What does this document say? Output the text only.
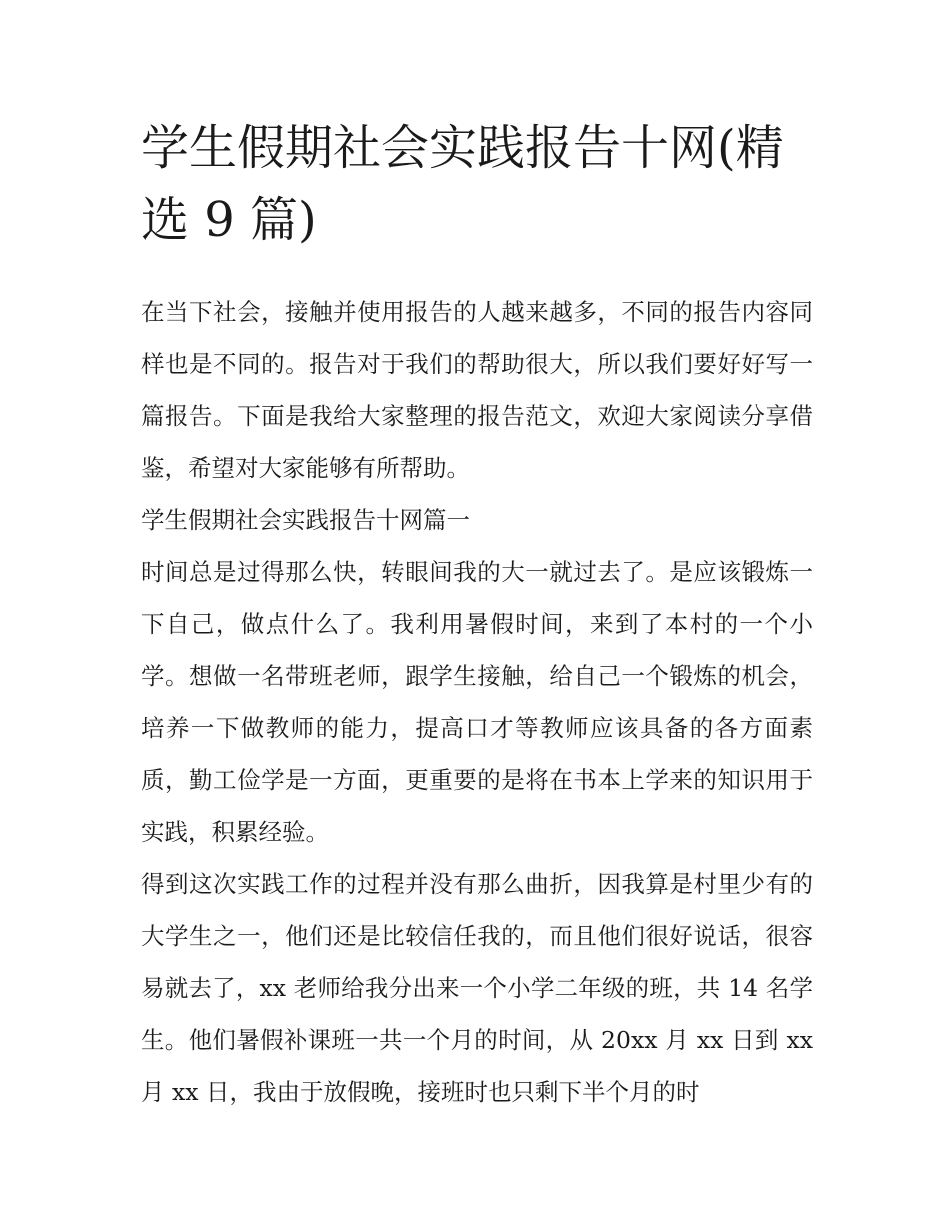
学生假期社会实践报告十网(精选 9 篇)

在当下社会，接触并使用报告的人越来越多，不同的报告内容同样也是不同的。报告对于我们的帮助很大，所以我们要好好写一篇报告。下面是我给大家整理的报告范文，欢迎大家阅读分享借鉴，希望对大家能够有所帮助。

学生假期社会实践报告十网篇一

时间总是过得那么快，转眼间我的大一就过去了。是应该锻炼一下自己，做点什么了。我利用暑假时间，来到了本村的一个小学。想做一名带班老师，跟学生接触，给自己一个锻炼的机会，培养一下做教师的能力，提高口才等教师应该具备的各方面素质，勤工俭学是一方面，更重要的是将在书本上学来的知识用于实践，积累经验。

得到这次实践工作的过程并没有那么曲折，因我算是村里少有的大学生之一，他们还是比较信任我的，而且他们很好说话，很容易就去了，xx 老师给我分出来一个小学二年级的班，共 14 名学生。他们暑假补课班一共一个月的时间，从 20xx 月 xx 日到 xx 月 xx 日，我由于放假晚，接班时也只剩下半个月的时
